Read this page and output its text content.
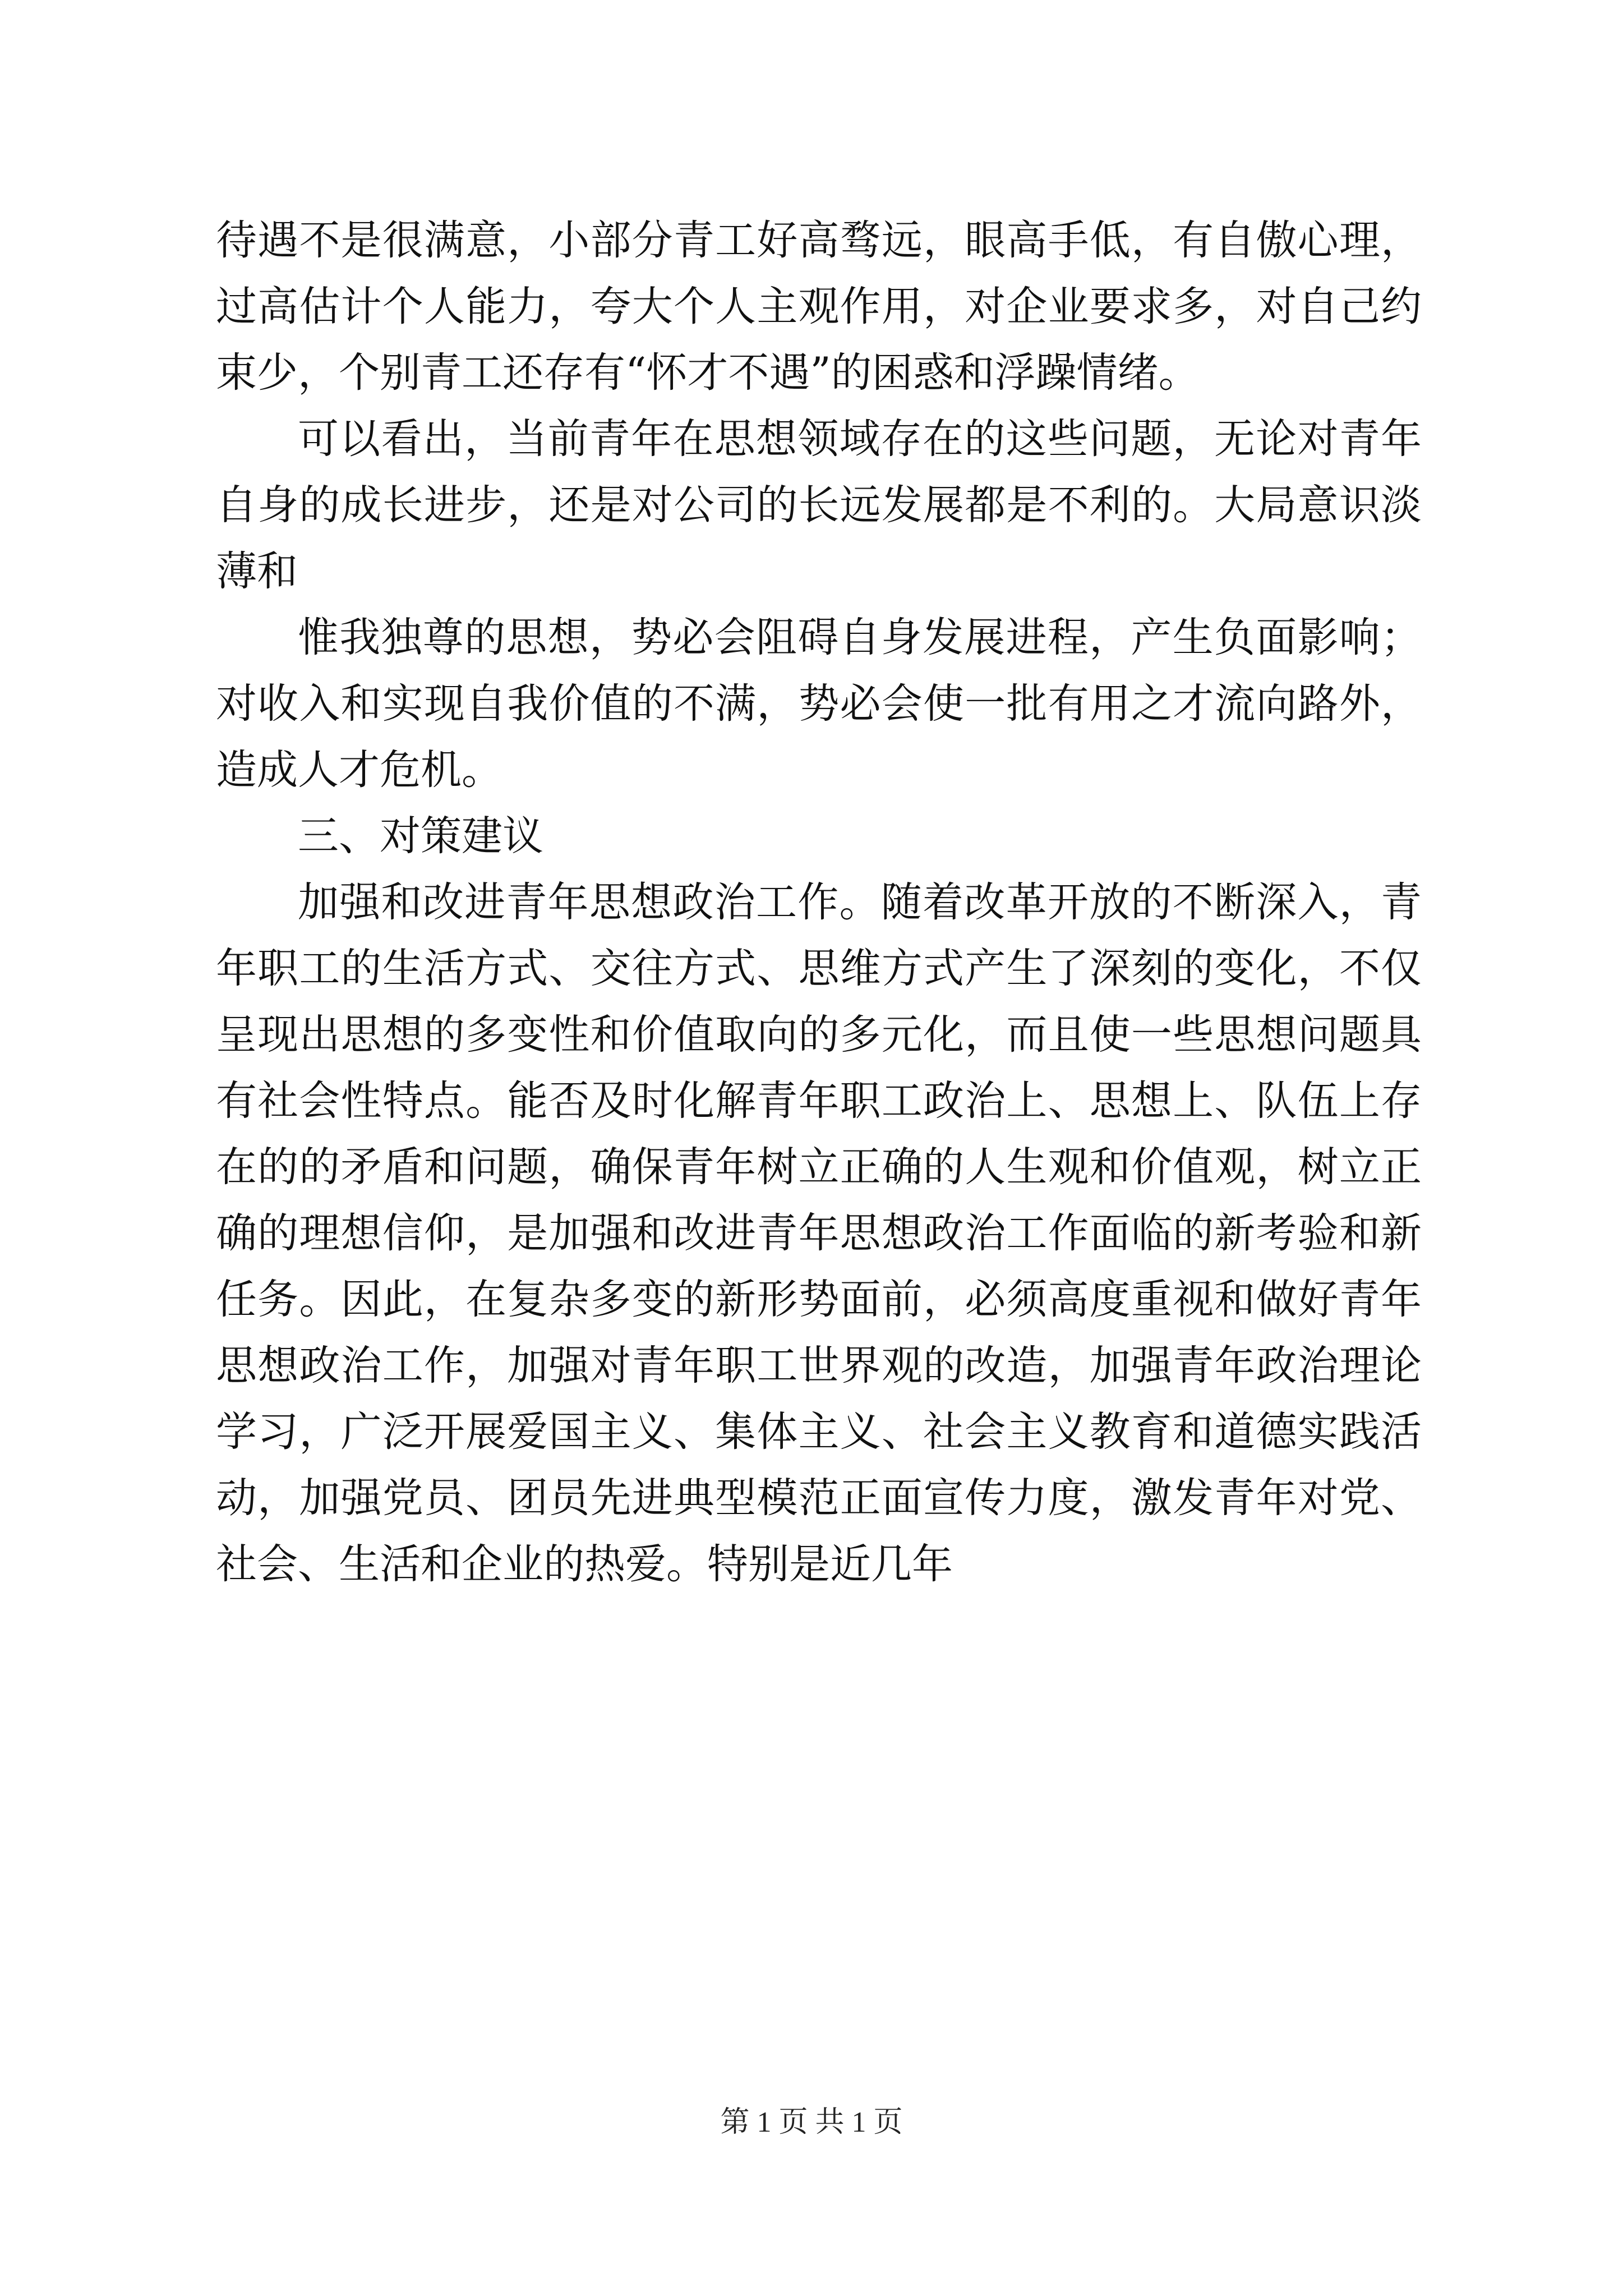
待遇不是很满意，小部分青工好高骛远，眼高手低，有自傲心理，过高估计个人能力，夸大个人主观作用，对企业要求多，对自己约束少，个别青工还存有“怀才不遇”的困惑和浮躁情绪。

可以看出，当前青年在思想领域存在的这些问题，无论对青年自身的成长进步，还是对公司的长远发展都是不利的。大局意识淡薄和

惟我独尊的思想，势必会阻碍自身发展进程，产生负面影响；对收入和实现自我价值的不满，势必会使一批有用之才流向路外，造成人才危机。

三、对策建议

加强和改进青年思想政治工作。随着改革开放的不断深入，青年职工的生活方式、交往方式、思维方式产生了深刻的变化，不仅呈现出思想的多变性和价值取向的多元化，而且使一些思想问题具有社会性特点。能否及时化解青年职工政治上、思想上、队伍上存在的的矛盾和问题，确保青年树立正确的人生观和价值观，树立正确的理想信仰，是加强和改进青年思想政治工作面临的新考验和新任务。因此，在复杂多变的新形势面前，必须高度重视和做好青年思想政治工作，加强对青年职工世界观的改造，加强青年政治理论学习，广泛开展爱国主义、集体主义、社会主义教育和道德实践活动，加强党员、团员先进典型模范正面宣传力度，激发青年对党、社会、生活和企业的热爱。特别是近几年

第 1 页 共 1 页
